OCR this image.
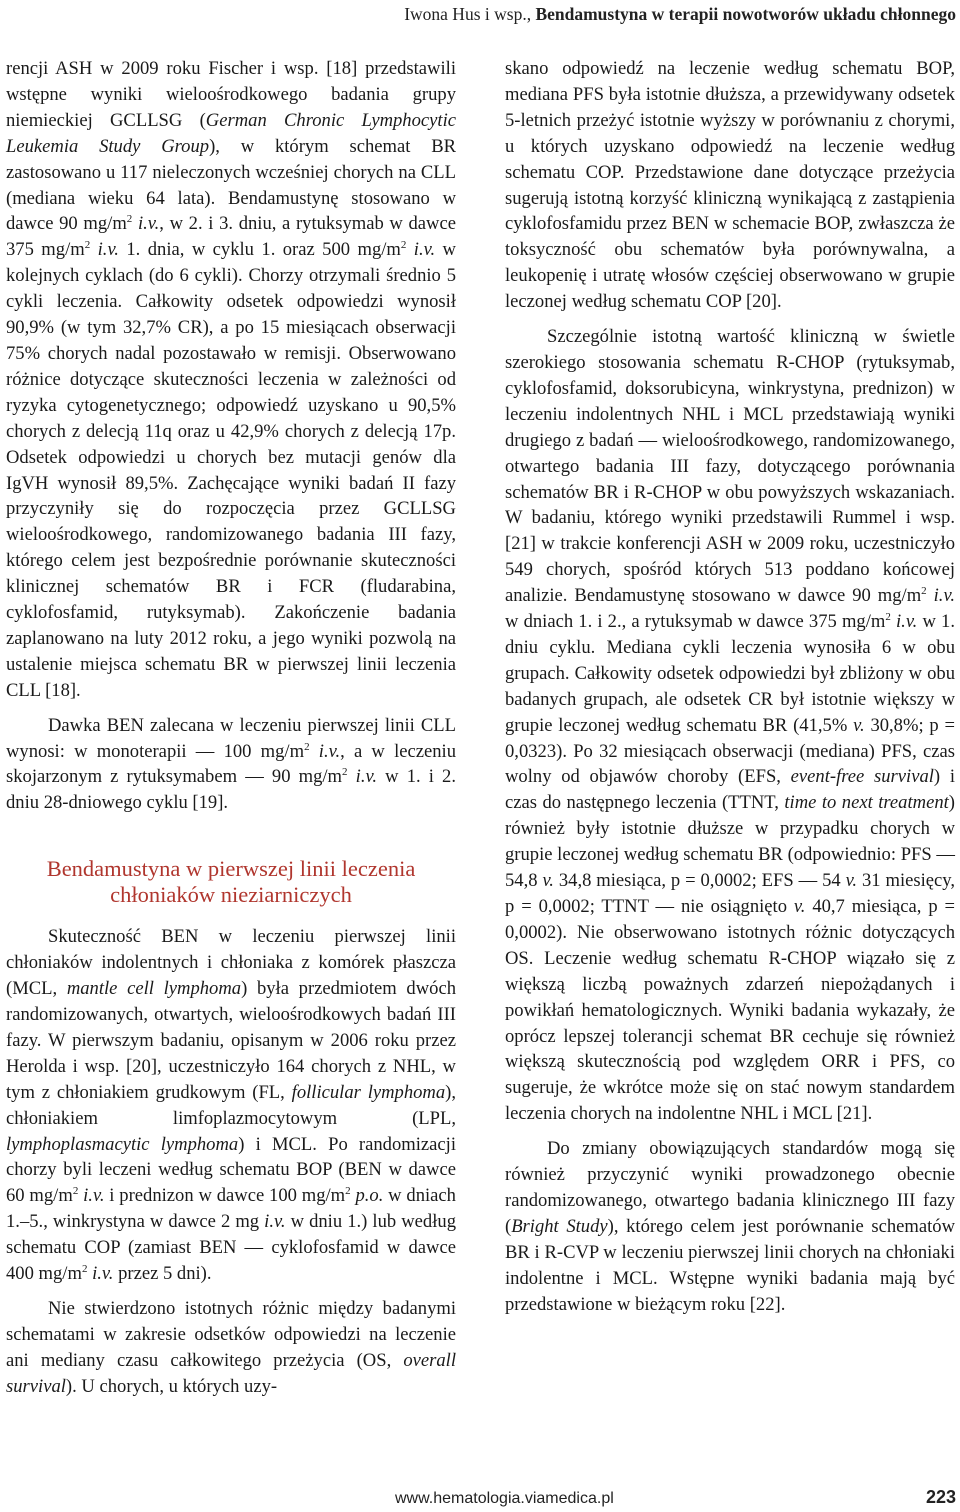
Iwona Hus i wsp., Bendamustyna w terapii nowotworów układu chłonnego

rencji ASH w 2009 roku Fischer i wsp. [18] przedstawili wstępne wyniki wieloośrodkowego badania grupy niemieckiej GCLLSG (German Chronic Lymphocytic Leukemia Study Group), w którym schemat BR zastosowano u 117 nieleczonych wcześniej chorych na CLL (mediana wieku 64 lata). Bendamustynę stosowano w dawce 90 $mg/m^2$ i.v., w 2. i 3. dniu, a rytuksymab w dawce 375 $mg/m^2$ i.v. 1. dnia, w cyklu 1. oraz 500 $mg/m^2$ i.v. w kolejnych cyklach (do 6 cykli). Chorzy otrzymali średnio 5 cykli leczenia. Całkowity odsetek odpowiedzi wynosił 90,9% (w tym 32,7% CR), a po 15 miesiącach obserwacji 75% chorych nadal pozostawało w remisji. Obserwowano różnice dotyczące skuteczności leczenia w zależności od ryzyka cytogenetycznego; odpowiedź uzyskano u 90,5% chorych z delecją 11q oraz u 42,9% chorych z delecją 17p. Odsetek odpowiedzi u chorych bez mutacji genów dla IgVH wynosił 89,5%. Zachęcające wyniki badań II fazy przyczyniły się do rozpoczęcia przez GCLLSG wieloośrodkowego, randomizowanego badania III fazy, którego celem jest bezpośrednie porównanie skuteczności klinicznej schematów BR i FCR (fludarabina, cyklofosfamid, rutyksymab). Zakończenie badania zaplanowano na luty 2012 roku, a jego wyniki pozwolą na ustalenie miejsca schematu BR w pierwszej linii leczenia CLL [18].

Dawka BEN zalecana w leczeniu pierwszej linii CLL wynosi: w monoterapii — 100 $mg/m^2$ i.v., a w leczeniu skojarzonym z rytuksymabem — 90 $mg/m^2$ i.v. w 1. i 2. dniu 28-dniowego cyklu [19].

Bendamustyna w pierwszej linii leczenia chłoniaków nieziarniczych

Skuteczność BEN w leczeniu pierwszej linii chłoniaków indolentnych i chłoniaka z komórek płaszcza (MCL, mantle cell lymphoma) była przedmiotem dwóch randomizowanych, otwartych, wieloośrodkowych badań III fazy. W pierwszym badaniu, opisanym w 2006 roku przez Herolda i wsp. [20], uczestniczyło 164 chorych z NHL, w tym z chłoniakiem grudkowym (FL, follicular lymphoma), chłoniakiem limfoplazmocytowym (LPL, lymphoplasmacytic lymphoma) i MCL. Po randomizacji chorzy byli leczeni według schematu BOP (BEN w dawce 60 $mg/m^2$ i.v. i prednizon w dawce 100 $mg/m^2$ p.o. w dniach 1.–5., winkrystyna w dawce 2 mg i.v. w dniu 1.) lub według schematu COP (zamiast BEN — cyklofosfamid w dawce 400 $mg/m^2$ i.v. przez 5 dni).

Nie stwierdzono istotnych różnic między badanymi schematami w zakresie odsetków odpowiedzi na leczenie ani mediany czasu całkowitego przeżycia (OS, overall survival). U chorych, u których uzy-

skano odpowiedź na leczenie według schematu BOP, mediana PFS była istotnie dłuższa, a przewidywany odsetek 5-letnich przeżyć istotnie wyższy w porównaniu z chorymi, u których uzyskano odpowiedź na leczenie według schematu COP. Przedstawione dane dotyczące przeżycia sugerują istotną korzyść kliniczną wynikającą z zastąpienia cyklofosfamidu przez BEN w schemacie BOP, zwłaszcza że toksyczność obu schematów była porównywalna, a leukopenię i utratę włosów częściej obserwowano w grupie leczonej według schematu COP [20].

Szczególnie istotną wartość kliniczną w świetle szerokiego stosowania schematu R-CHOP (rytuksymab, cyklofosfamid, doksorubicyna, winkrystyna, prednizon) w leczeniu indolentnych NHL i MCL przedstawiają wyniki drugiego z badań — wieloośrodkowego, randomizowanego, otwartego badania III fazy, dotyczącego porównania schematów BR i R-CHOP w obu powyższych wskazaniach. W badaniu, którego wyniki przedstawili Rummel i wsp. [21] w trakcie konferencji ASH w 2009 roku, uczestniczyło 549 chorych, spośród których 513 poddano końcowej analizie. Bendamustynę stosowano w dawce 90 $mg/m^2$ i.v. w dniach 1. i 2., a rytuksymab w dawce 375 $mg/m^2$ i.v. w 1. dniu cyklu. Mediana cykli leczenia wynosiła 6 w obu grupach. Całkowity odsetek odpowiedzi był zbliżony w obu badanych grupach, ale odsetek CR był istotnie większy w grupie leczonej według schematu BR (41,5% v. 30,8%; p = 0,0323). Po 32 miesiącach obserwacji (mediana) PFS, czas wolny od objawów choroby (EFS, event-free survival) i czas do następnego leczenia (TTNT, time to next treatment) również były istotnie dłuższe w przypadku chorych w grupie leczonej według schematu BR (odpowiednio: PFS — 54,8 v. 34,8 miesiąca, p = 0,0002; EFS — 54 v. 31 miesięcy, p = 0,0002; TTNT — nie osiągnięto v. 40,7 miesiąca, p = 0,0002). Nie obserwowano istotnych różnic dotyczących OS. Leczenie według schematu R-CHOP wiązało się z większą liczbą poważnych zdarzeń niepożądanych i powikłań hematologicznych. Wyniki badania wykazały, że oprócz lepszej tolerancji schemat BR cechuje się również większą skutecznością pod względem ORR i PFS, co sugeruje, że wkrótce może się on stać nowym standardem leczenia chorych na indolentne NHL i MCL [21].

Do zmiany obowiązujących standardów mogą się również przyczynić wyniki prowadzonego obecnie randomizowanego, otwartego badania klinicznego III fazy (Bright Study), którego celem jest porównanie schematów BR i R-CVP w leczeniu pierwszej linii chorych na chłoniaki indolentne i MCL. Wstępne wyniki badania mają być przedstawione w bieżącym roku [22].

www.hematologia.viamedica.pl	223
